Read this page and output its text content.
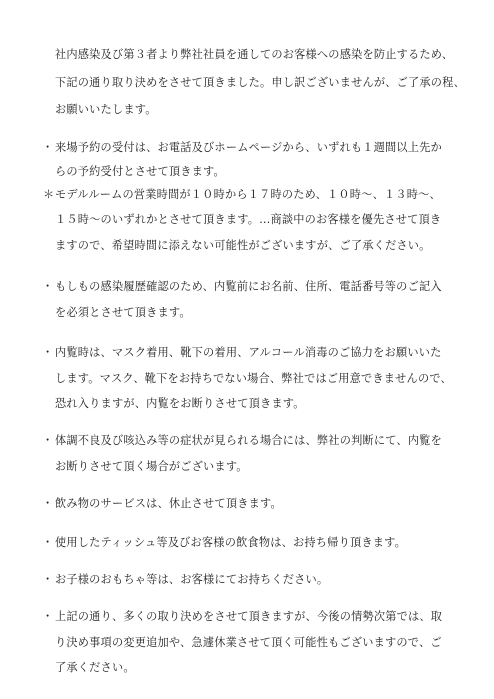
社内感染及び第３者より弊社社員を通してのお客様への感染を防止するため、
下記の通り取り決めをさせて頂きました。申し訳ございませんが、ご了承の程、
お願いいたします。
・ 来場予約の受付は、お電話及びホームページから、いずれも１週間以上先か
らの予約受付とさせて頂きます。
＊ モデルルームの営業時間が１０時から１７時のため、１０時～、１３時～、
１５時～のいずれかとさせて頂きます。…商談中のお客様を優先させて頂き
ますので、希望時間に添えない可能性がございますが、ご了承ください。
・ もしもの感染履歴確認のため、内覧前にお名前、住所、電話番号等のご記入
を必須とさせて頂きます。
・ 内覧時は、マスク着用、靴下の着用、アルコール消毒のご協力をお願いいた
します。マスク、靴下をお持ちでない場合、弊社ではご用意できませんので、
恐れ入りますが、内覧をお断りさせて頂きます。
・ 体調不良及び咳込み等の症状が見られる場合には、弊社の判断にて、内覧を
お断りさせて頂く場合がございます。
・ 飲み物のサービスは、休止させて頂きます。
・ 使用したティッシュ等及びお客様の飲食物は、お持ち帰り頂きます。
・ お子様のおもちゃ等は、お客様にてお持ちください。
・ 上記の通り、多くの取り決めをさせて頂きますが、今後の情勢次第では、取
り決め事項の変更追加や、急遽休業させて頂く可能性もございますので、ご
了承ください。
